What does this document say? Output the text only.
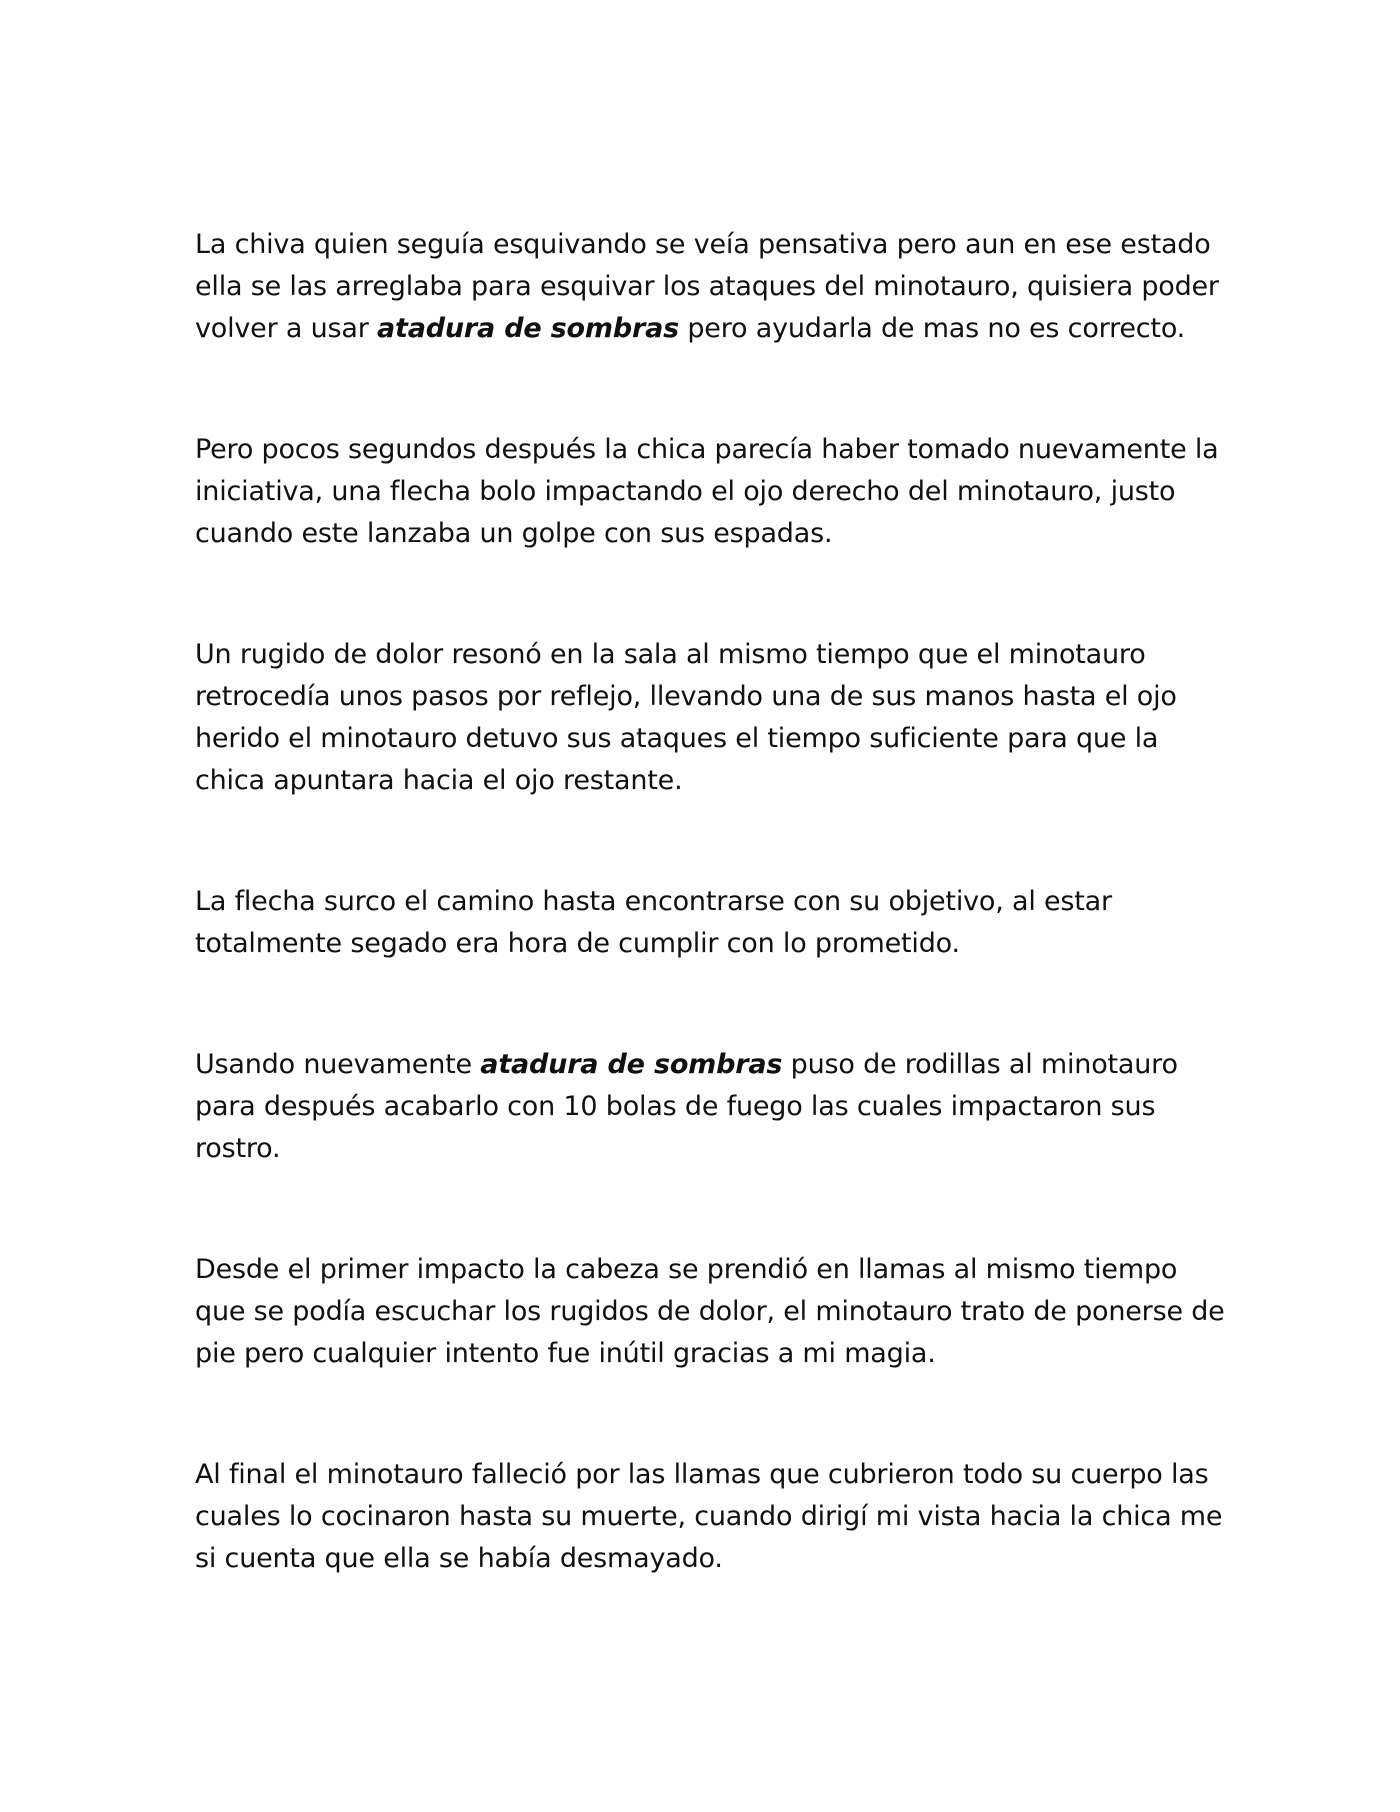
La chiva quien seguía esquivando se veía pensativa pero aun en ese estado ella se las arreglaba para esquivar los ataques del minotauro, quisiera poder volver a usar atadura de sombras pero ayudarla de mas no es correcto.

Pero pocos segundos después la chica parecía haber tomado nuevamente la iniciativa, una flecha bolo impactando el ojo derecho del minotauro, justo cuando este lanzaba un golpe con sus espadas.

Un rugido de dolor resonó en la sala al mismo tiempo que el minotauro retrocedía unos pasos por reflejo, llevando una de sus manos hasta el ojo herido el minotauro detuvo sus ataques el tiempo suficiente para que la chica apuntara hacia el ojo restante.

La flecha surco el camino hasta encontrarse con su objetivo, al estar totalmente segado era hora de cumplir con lo prometido.

Usando nuevamente atadura de sombras puso de rodillas al minotauro para después acabarlo con 10 bolas de fuego las cuales impactaron sus rostro.

Desde el primer impacto la cabeza se prendió en llamas al mismo tiempo que se podía escuchar los rugidos de dolor, el minotauro trato de ponerse de pie pero cualquier intento fue inútil gracias a mi magia.

Al final el minotauro falleció por las llamas que cubrieron todo su cuerpo las cuales lo cocinaron hasta su muerte, cuando dirigí mi vista hacia la chica me si cuenta que ella se había desmayado.
